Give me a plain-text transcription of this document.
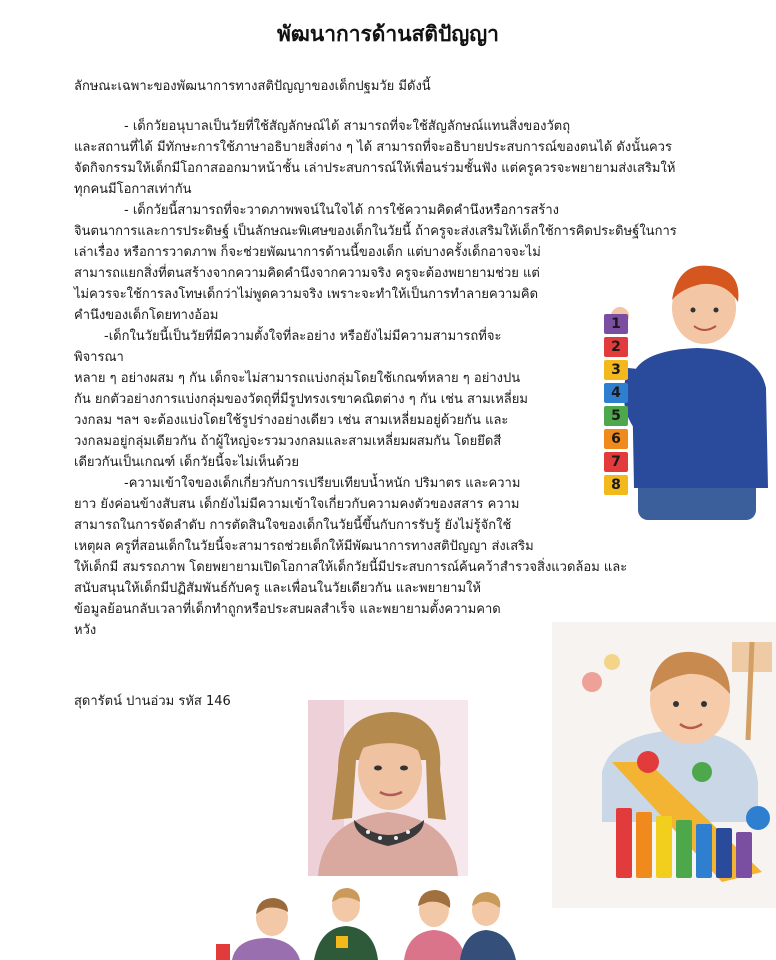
พัฒนาการด้านสติปัญญา
ลักษณะเฉพาะของพัฒนาการทางสติปัญญาของเด็กปฐมวัย มีดังนี้
- เด็กวัยอนุบาลเป็นวัยที่ใช้สัญลักษณ์ได้ สามารถที่จะใช้สัญลักษณ์แทนสิ่งของวัตถุ
และสถานที่ได้ มีทักษะการใช้ภาษาอธิบายสิ่งต่าง ๆ ได้ สามารถที่จะอธิบายประสบการณ์ของตนได้ ดังนั้นควร
จัดกิจกรรมให้เด็กมีโอกาสออกมาหน้าชั้น เล่าประสบการณ์ให้เพื่อนร่วมชั้นฟัง แต่ครูควรจะพยายามส่งเสริมให้
ทุกคนมีโอกาสเท่ากัน
- เด็กวัยนี้สามารถที่จะวาดภาพพจน์ในใจได้ การใช้ความคิดคำนึงหรือการสร้าง
จินตนาการและการประดิษฐ์ เป็นลักษณะพิเศษของเด็กในวัยนี้ ถ้าครูจะส่งเสริมให้เด็กใช้การคิดประดิษฐ์ในการ
เล่าเรื่อง หรือการวาดภาพ ก็จะช่วยพัฒนาการด้านนี้ของเด็ก แต่บางครั้งเด็กอาจจะไม่
สามารถแยกสิ่งที่ตนสร้างจากความคิดคำนึงจากความจริง ครูจะต้องพยายามช่วย แต่
ไม่ควรจะใช้การลงโทษเด็กว่าไม่พูดความจริง เพราะจะทำให้เป็นการทำลายความคิด
คำนึงของเด็กโดยทางอ้อม
-เด็กในวัยนี้เป็นวัยที่มีความตั้งใจที่ละอย่าง หรือยังไม่มีความสามารถที่จะ
พิจารณา
หลาย ๆ อย่างผสม ๆ กัน เด็กจะไม่สามารถแบ่งกลุ่มโดยใช้เกณฑ์หลาย ๆ อย่างปน
กัน ยกตัวอย่างการแบ่งกลุ่มของวัตถุที่มีรูปทรงเรขาคณิตต่าง ๆ กัน เช่น สามเหลี่ยม
วงกลม ฯลฯ จะต้องแบ่งโดยใช้รูปร่างอย่างเดียว เช่น สามเหลี่ยมอยู่ด้วยกัน และ
วงกลมอยู่กลุ่มเดียวกัน ถ้าผู้ใหญ่จะรวมวงกลมและสามเหลี่ยมผสมกัน โดยยึดสี
เดียวกันเป็นเกณฑ์ เด็กวัยนี้จะไม่เห็นด้วย
-ความเข้าใจของเด็กเกี่ยวกับการเปรียบเทียบน้ำหนัก ปริมาตร และความ
ยาว ยังค่อนข้างสับสน เด็กยังไม่มีความเข้าใจเกี่ยวกับความคงตัวของสสาร ความ
สามารถในการจัดลำดับ การตัดสินใจของเด็กในวัยนี้ขึ้นกับการรับรู้ ยังไม่รู้จักใช้
เหตุผล ครูที่สอนเด็กในวัยนี้จะสามารถช่วยเด็กให้มีพัฒนาการทางสติปัญญา ส่งเสริม
ให้เด็กมี สมรรถภาพ โดยพยายามเปิดโอกาสให้เด็กวัยนี้มีประสบการณ์ค้นคว้าสำรวจสิ่งแวดล้อม และ
สนับสนุนให้เด็กมีปฏิสัมพันธ์กับครู และเพื่อนในวัยเดียวกัน และพยายามให้
ข้อมูลย้อนกลับเวลาที่เด็กทำถูกหรือประสบผลสำเร็จ และพยายามตั้งความคาด
หวัง
สุดารัตน์ ปานอ่วม รหัส 146
1
2
3
4
5
6
7
8
